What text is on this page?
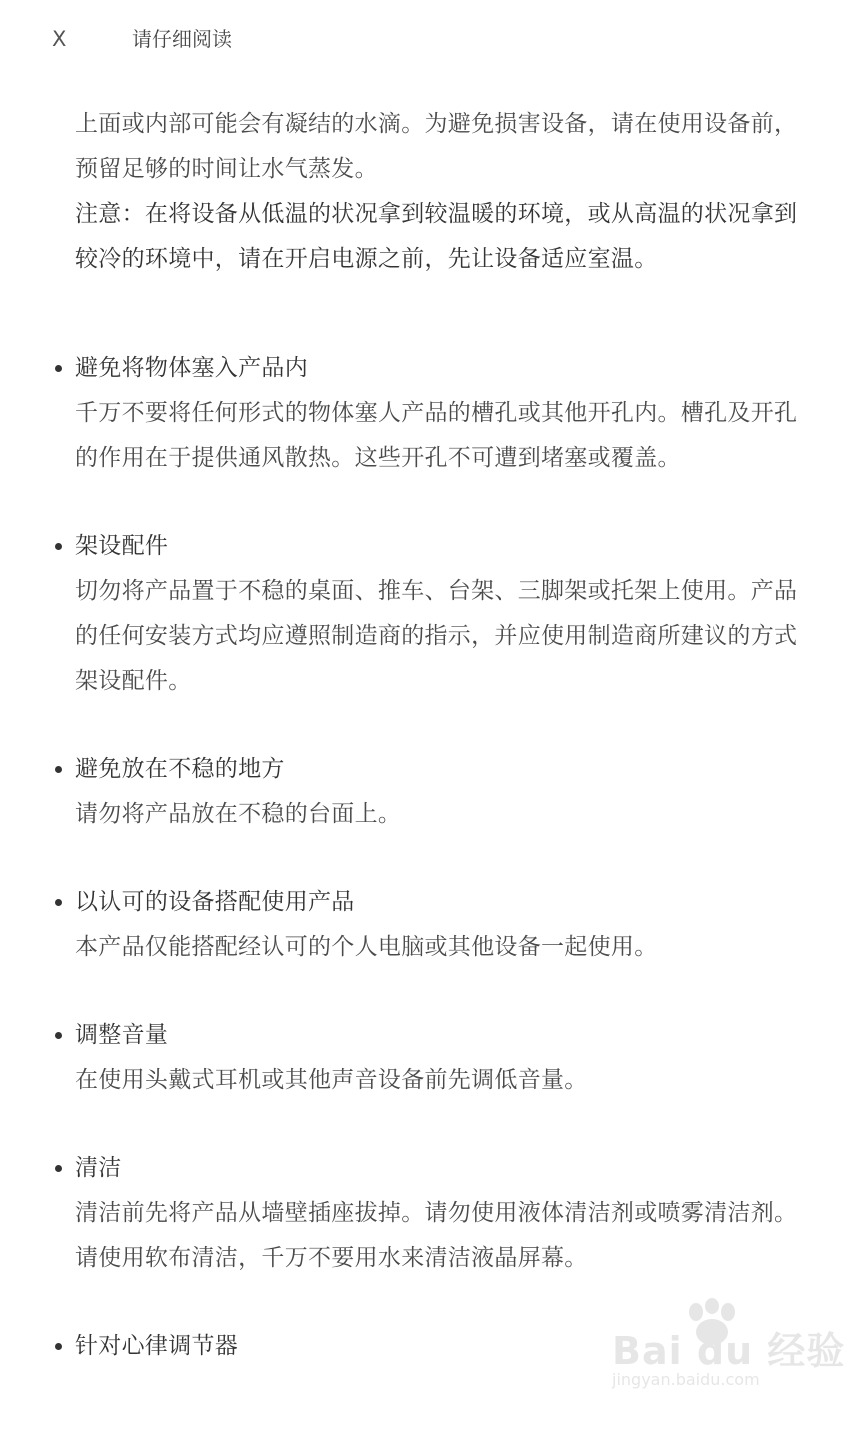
X	请仔细阅读

上面或内部可能会有凝结的水滴。为避免损害设备，请在使用设备前，预留足够的时间让水气蒸发。

注意：在将设备从低温的状况拿到较温暖的环境，或从高温的状况拿到较冷的环境中，请在开启电源之前，先让设备适应室温。

避免将物体塞入产品内

千万不要将任何形式的物体塞人产品的槽孔或其他开孔内。槽孔及开孔的作用在于提供通风散热。这些开孔不可遭到堵塞或覆盖。

架设配件

切勿将产品置于不稳的桌面、推车、台架、三脚架或托架上使用。产品的任何安装方式均应遵照制造商的指示，并应使用制造商所建议的方式架设配件。

避免放在不稳的地方

请勿将产品放在不稳的台面上。

以认可的设备搭配使用产品

本产品仅能搭配经认可的个人电脑或其他设备一起使用。

调整音量

在使用头戴式耳机或其他声音设备前先调低音量。

清洁

清洁前先将产品从墙壁插座拔掉。请勿使用液体清洁剂或喷雾清洁剂。请使用软布清洁，千万不要用水来清洁液晶屏幕。

针对心律调节器	Bai du 经验
jingyan.baidu.com
